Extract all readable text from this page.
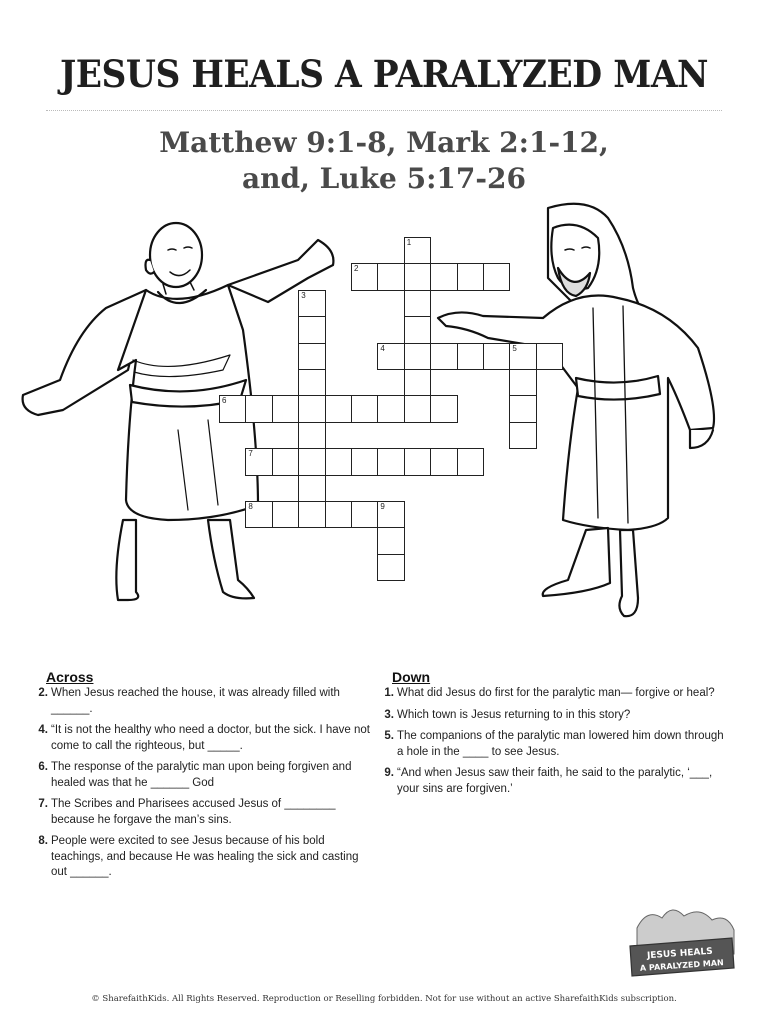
JESUS HEALS A PARALYZED MAN
Matthew 9:1-8, Mark 2:1-12,
and, Luke 5:17-26
1
2
3
4	5
6
7
8	9
Across
2. When Jesus reached the house, it was already filled with ______.
4. “It is not the healthy who need a doctor, but the sick. I have not come to call the righteous, but _____.
6. The response of the paralytic man upon being forgiven and healed was that he ______ God
7. The Scribes and Pharisees accused Jesus of ________ because he forgave the man’s sins.
8. People were excited to see Jesus because of his bold teachings, and because He was healing the sick and casting out ______.
Down
1. What did Jesus do first for the paralytic man— forgive or heal?
3. Which town is Jesus returning to in this story?
5. The companions of the paralytic man lowered him down through a hole in the ____ to see Jesus.
9. “And when Jesus saw their faith, he said to the paralytic, ‘___, your sins are forgiven.’
JESUS HEALS
A PARALYZED MAN
© SharefaithKids. All Rights Reserved. Reproduction or Reselling forbidden. Not for use without an active SharefaithKids subscription.
